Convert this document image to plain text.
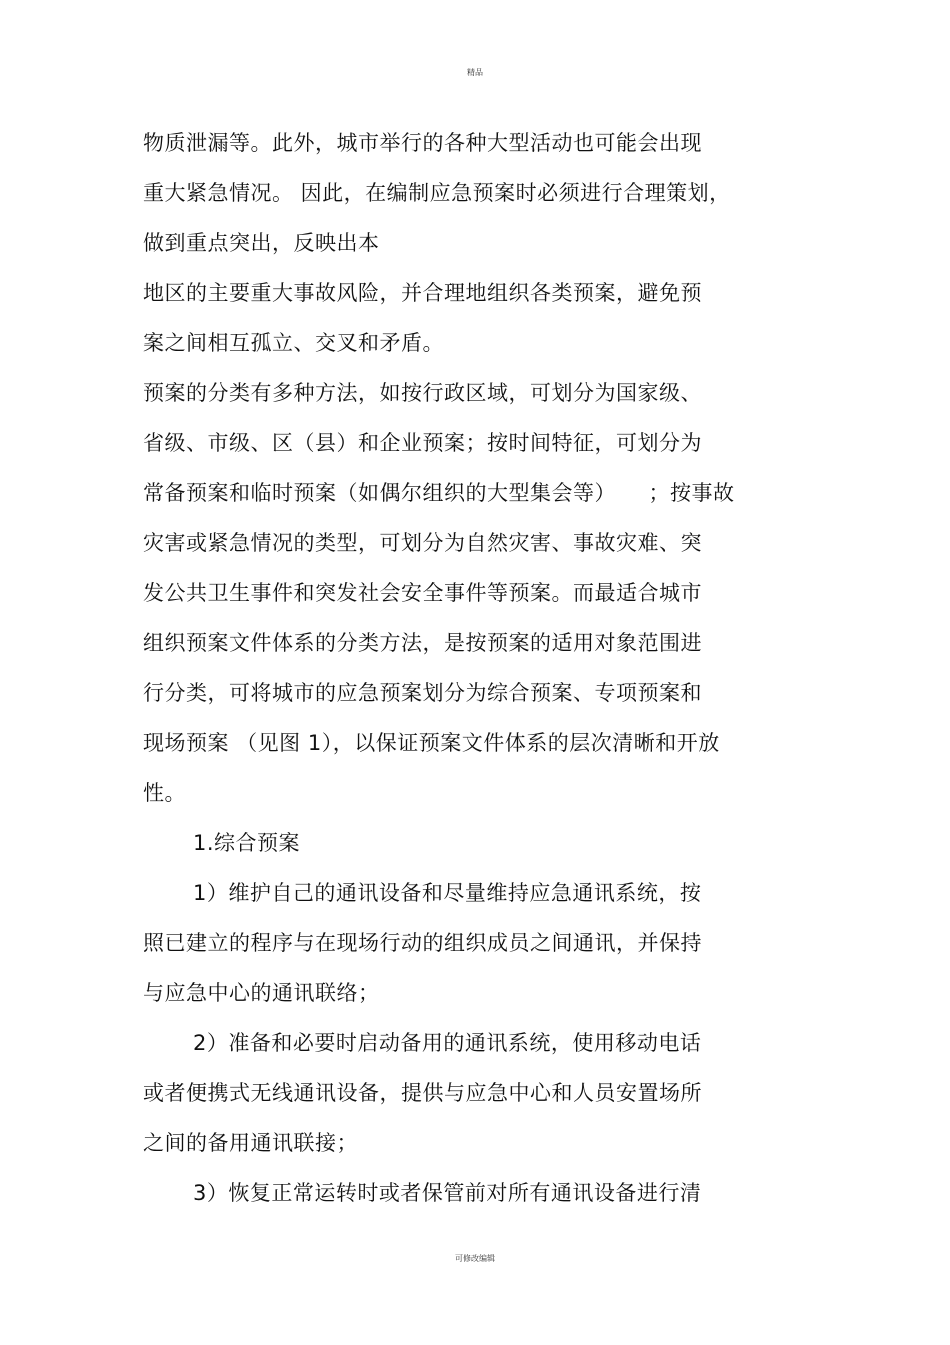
精品
物质泄漏等。此外，城市举行的各种大型活动也可能会出现
重大紧急情况。 因此，在编制应急预案时必须进行合理策划，
做到重点突出，反映出本
地区的主要重大事故风险，并合理地组织各类预案，避免预
案之间相互孤立、交叉和矛盾。
预案的分类有多种方法，如按行政区域，可划分为国家级、
省级、市级、区（县）和企业预案；按时间特征，可划分为
常备预案和临时预案（如偶尔组织的大型集会等）　　；按事故
灾害或紧急情况的类型，可划分为自然灾害、事故灾难、突
发公共卫生事件和突发社会安全事件等预案。而最适合城市
组织预案文件体系的分类方法，是按预案的适用对象范围进
行分类，可将城市的应急预案划分为综合预案、专项预案和
现场预案 （见图 1），以保证预案文件体系的层次清晰和开放
性。
1.综合预案
1）维护自己的通讯设备和尽量维持应急通讯系统，按
照已建立的程序与在现场行动的组织成员之间通讯，并保持
与应急中心的通讯联络；
2）准备和必要时启动备用的通讯系统，使用移动电话
或者便携式无线通讯设备，提供与应急中心和人员安置场所
之间的备用通讯联接；
3）恢复正常运转时或者保管前对所有通讯设备进行清
可修改编辑
